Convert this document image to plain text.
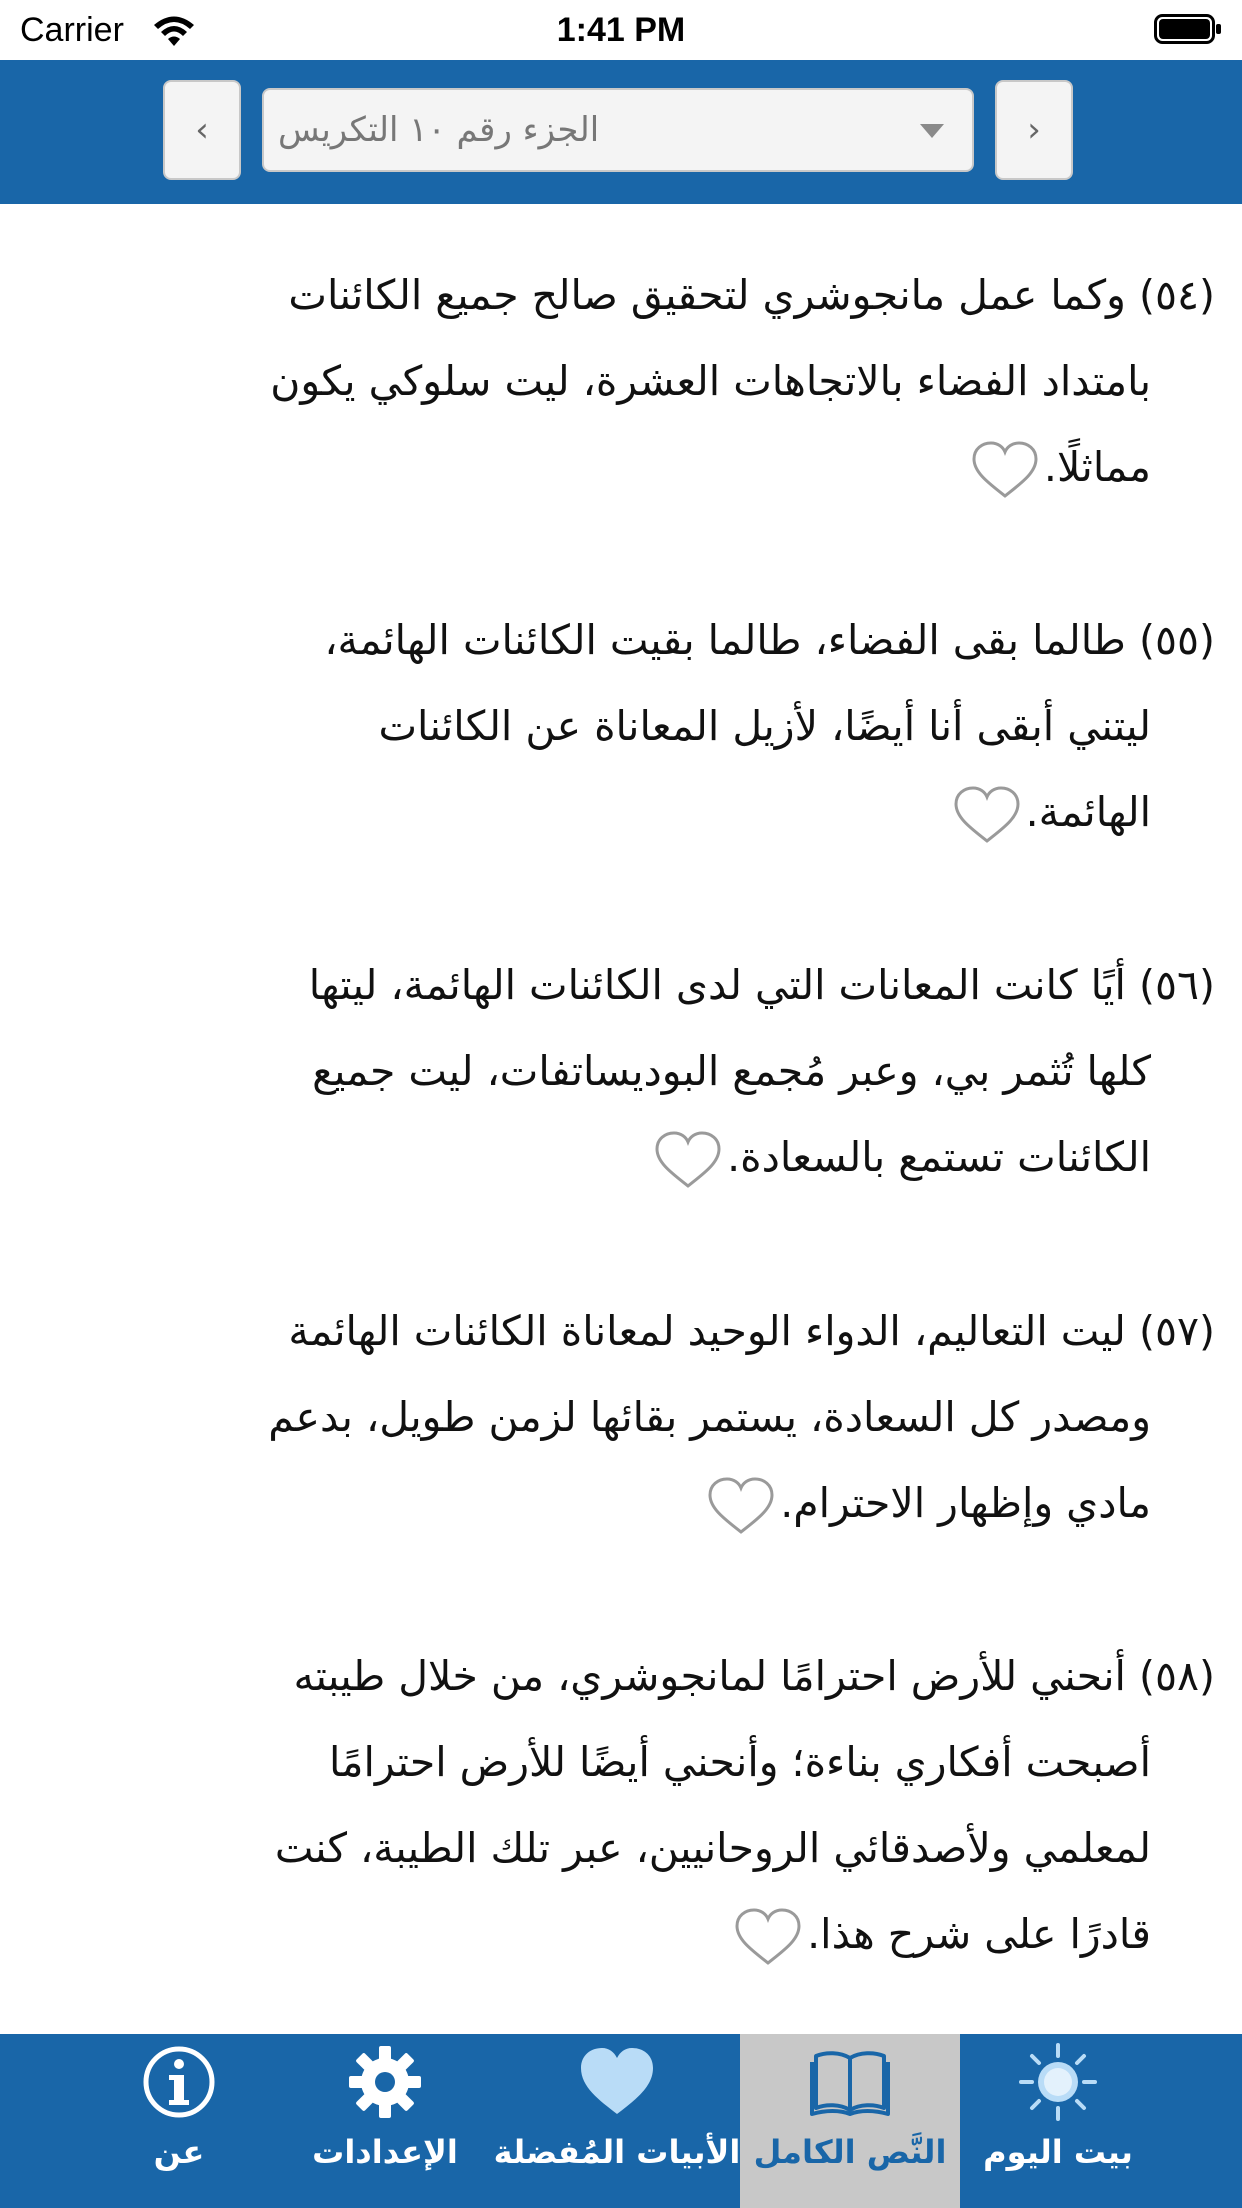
Carrier	1:41 PM
‹ الجزء رقم ١٠ التكريس	›
(٥٤) وكما عمل مانجوشري لتحقيق صالح جميع الكائنات
بامتداد الفضاء بالاتجاهات العشرة، ليت سلوكي يكون
مماثلًا.
(٥٥) طالما بقى الفضاء، طالما بقيت الكائنات الهائمة،
ليتني أبقى أنا أيضًا، لأزيل المعاناة عن الكائنات
الهائمة.
(٥٦) أيًا كانت المعانات التي لدى الكائنات الهائمة، ليتها
كلها تُثمر بي، وعبر مُجمع البوديساتفات، ليت جميع
الكائنات تستمع بالسعادة.
(٥٧) ليت التعاليم، الدواء الوحيد لمعاناة الكائنات الهائمة
ومصدر كل السعادة، يستمر بقائها لزمن طويل، بدعم
مادي وإظهار الاحترام.
(٥٨) أنحني للأرض احترامًا لمانجوشري، من خلال طيبته
أصبحت أفكاري بناءة؛ وأنحني أيضًا للأرض احترامًا
لمعلمي ولأصدقائي الروحانيين، عبر تلك الطيبة، كنت
قادرًا على شرح هذا.
عن	الإعدادات الأبيات المُفضلة النَّص الكامل بيت اليوم
